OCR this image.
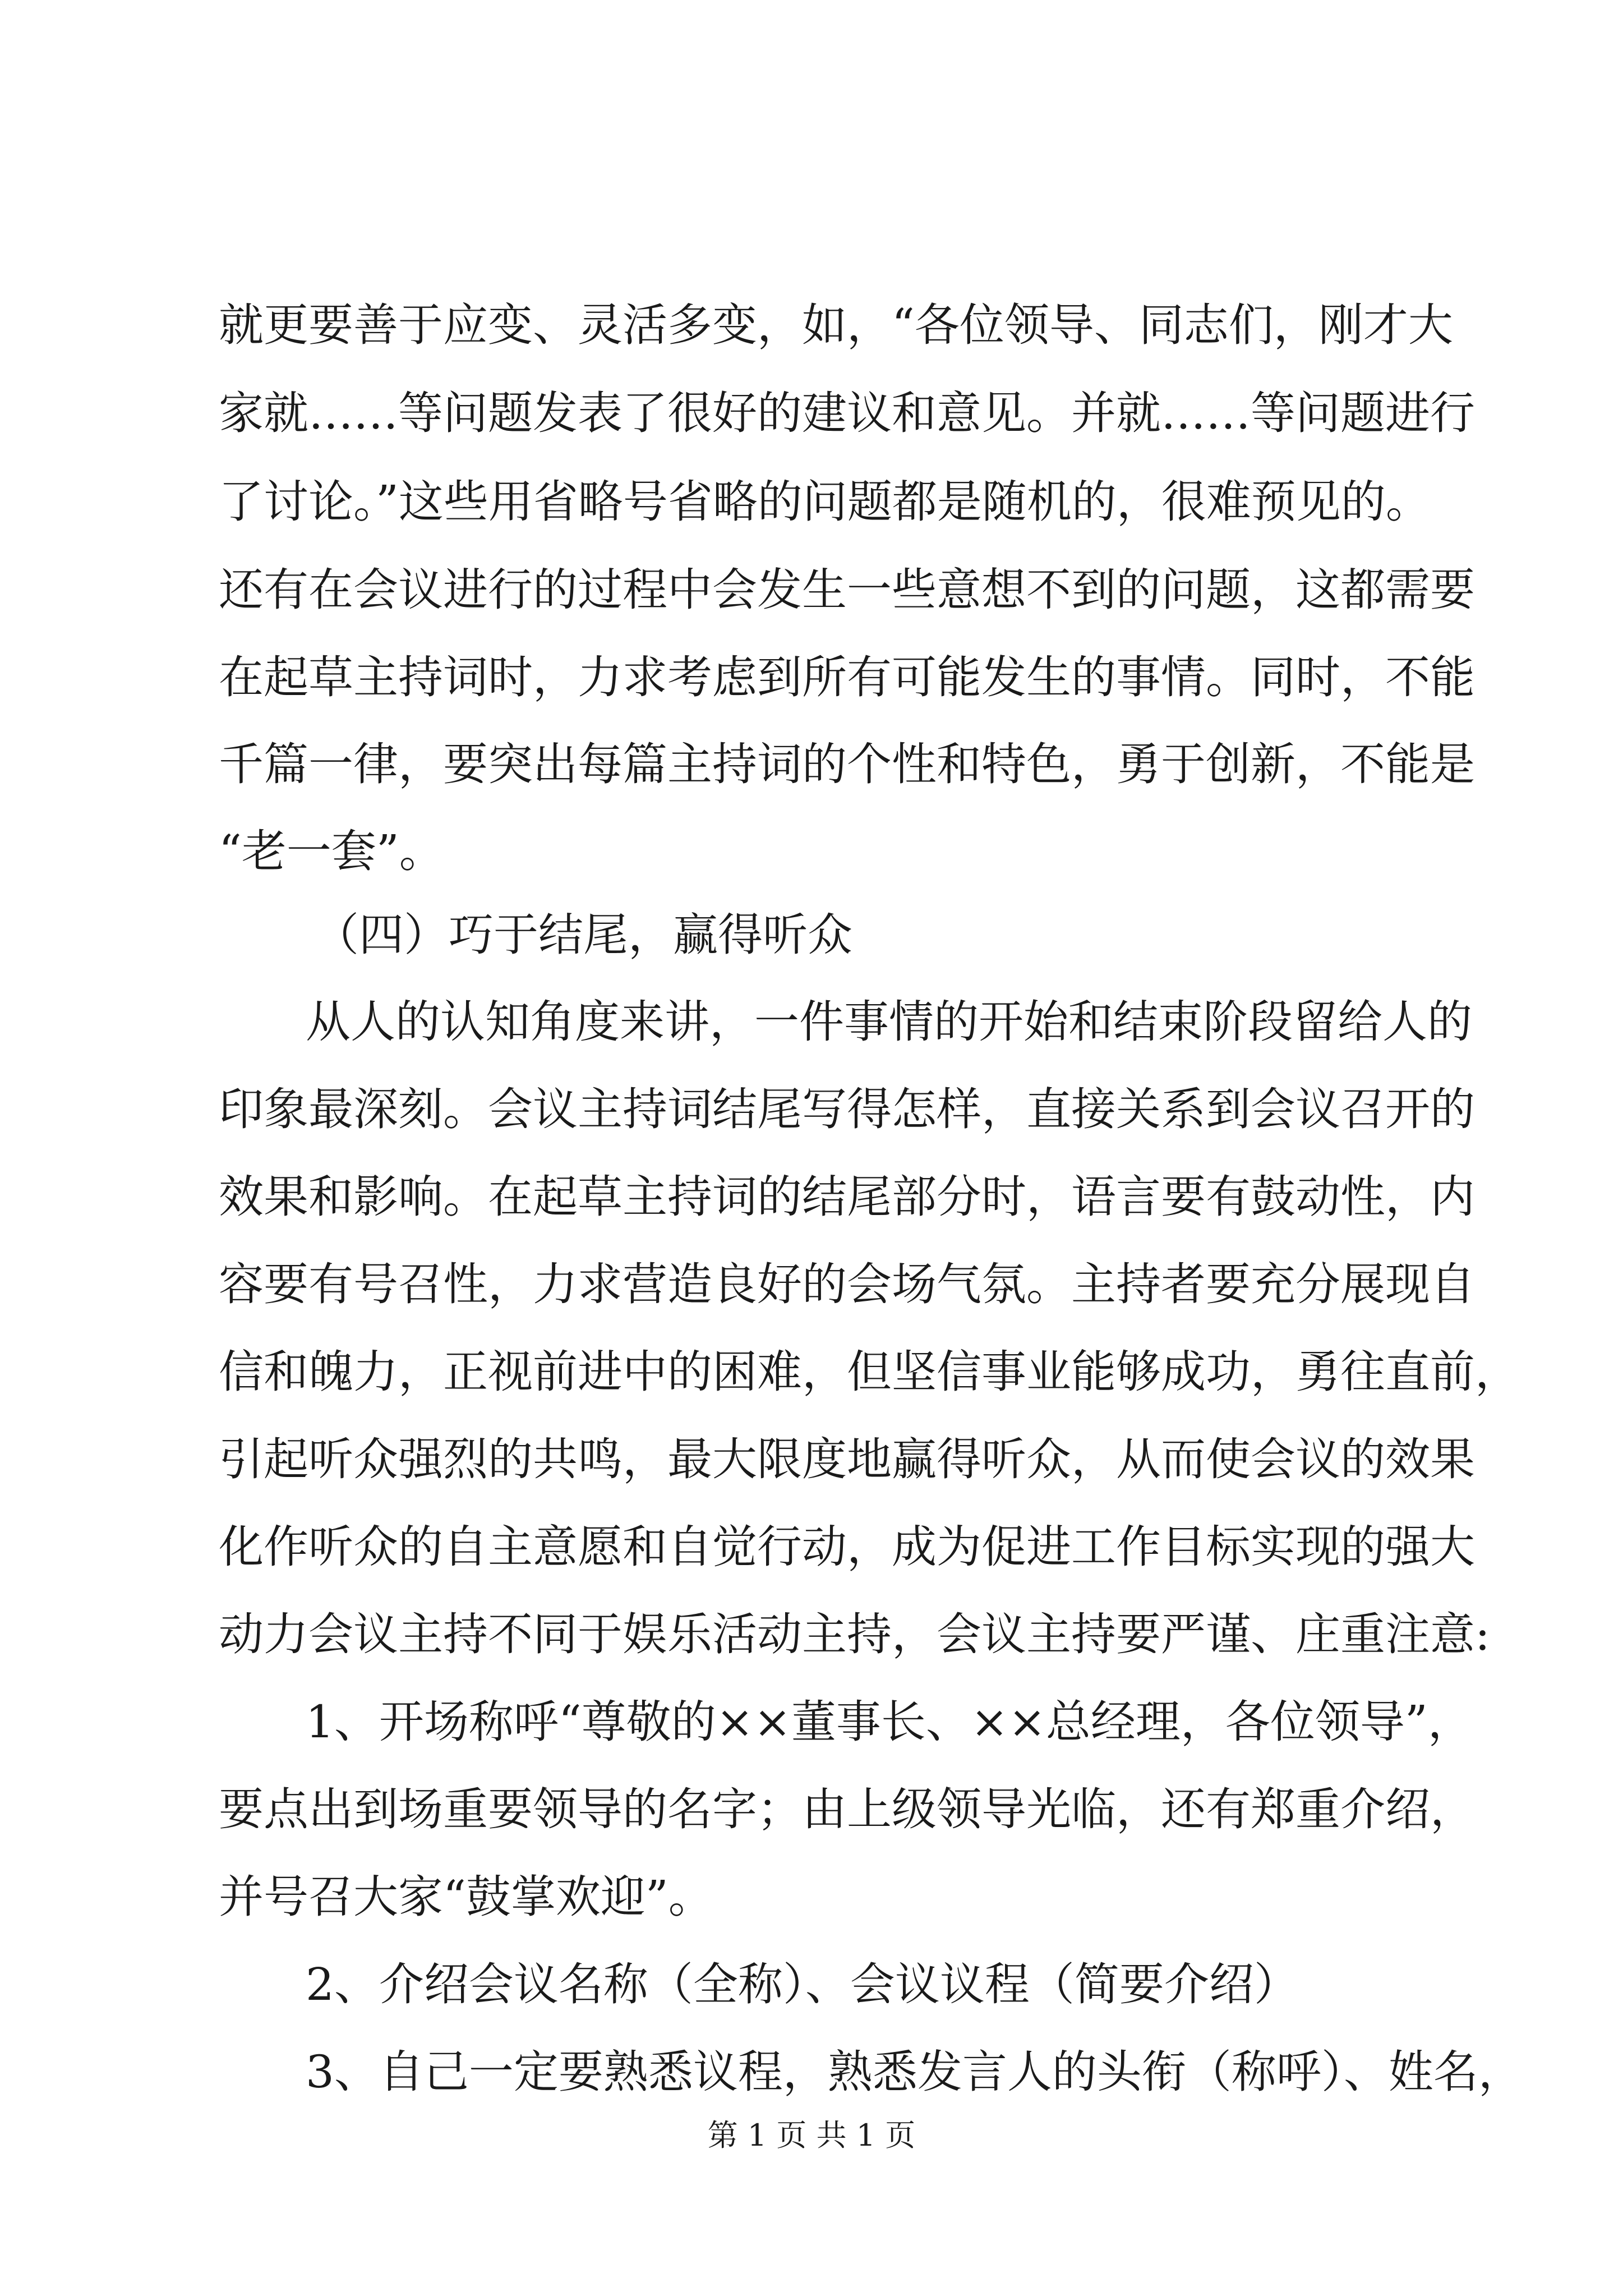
就更要善于应变、灵活多变，如，“各位领导、同志们，刚才大
家就……等问题发表了很好的建议和意见。并就……等问题进行
了讨论。”这些用省略号省略的问题都是随机的，很难预见的。
还有在会议进行的过程中会发生一些意想不到的问题，这都需要
在起草主持词时，力求考虑到所有可能发生的事情。同时，不能
千篇一律，要突出每篇主持词的个性和特色，勇于创新，不能是
“老一套”。
（四）巧于结尾，赢得听众
从人的认知角度来讲，一件事情的开始和结束阶段留给人的
印象最深刻。会议主持词结尾写得怎样，直接关系到会议召开的
效果和影响。在起草主持词的结尾部分时，语言要有鼓动性，内
容要有号召性，力求营造良好的会场气氛。主持者要充分展现自
信和魄力，正视前进中的困难，但坚信事业能够成功，勇往直前，
引起听众强烈的共鸣，最大限度地赢得听众，从而使会议的效果
化作听众的自主意愿和自觉行动，成为促进工作目标实现的强大
动力会议主持不同于娱乐活动主持，会议主持要严谨、庄重注意:
1、开场称呼“尊敬的××董事长、××总经理，各位领导”，
要点出到场重要领导的名字；由上级领导光临，还有郑重介绍，
并号召大家“鼓掌欢迎”。
2、介绍会议名称（全称）、会议议程（简要介绍）
3、自己一定要熟悉议程，熟悉发言人的头衔（称呼）、姓名，
第 1 页 共 1 页
